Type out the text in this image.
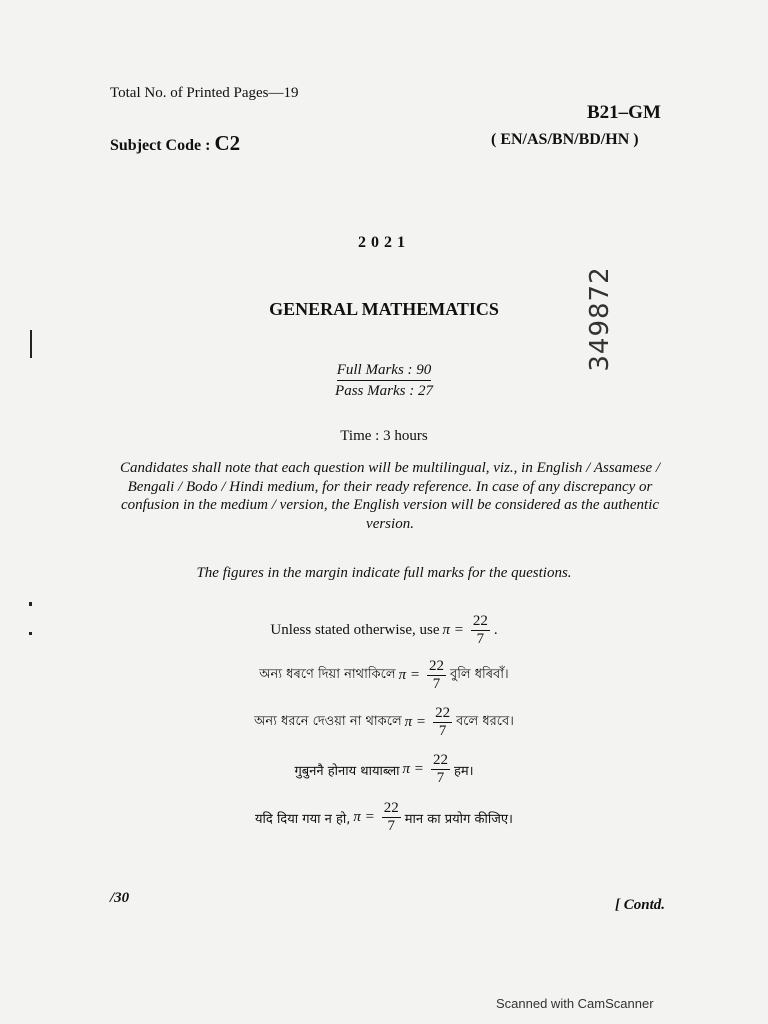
Total No. of Printed Pages—19
B21–GM
Subject Code : C2	( EN/AS/BN/BD/HN )
2021
GENERAL MATHEMATICS	349872
Full Marks : 90
Pass Marks : 27
Time : 3 hours
Candidates shall note that each question will be multilingual, viz., in English / Assamese / Bengali / Bodo / Hindi medium, for their ready reference. In case of any discrepancy or confusion in the medium / version, the English version will be considered as the authentic version.
The figures in the margin indicate full marks for the questions.
Unless stated otherwise, use $\pi = \frac{22}{7}$ .
অন্য ধৰণে দিয়া নাথাকিলে $\pi = \frac{22}{7}$ বুলি ধৰিবাঁ।
অন্য ধরনে দেওয়া না থাকলে $\pi = \frac{22}{7}$ বলে ধরবে।
गुबुननै होनाय थायाब्ला $\pi = \frac{22}{7}$ हम।
यदि दिया गया न हो, $\pi = \frac{22}{7}$ मान का प्रयोग कीजिए।
/30	[ Contd.
Scanned with CamScanner
